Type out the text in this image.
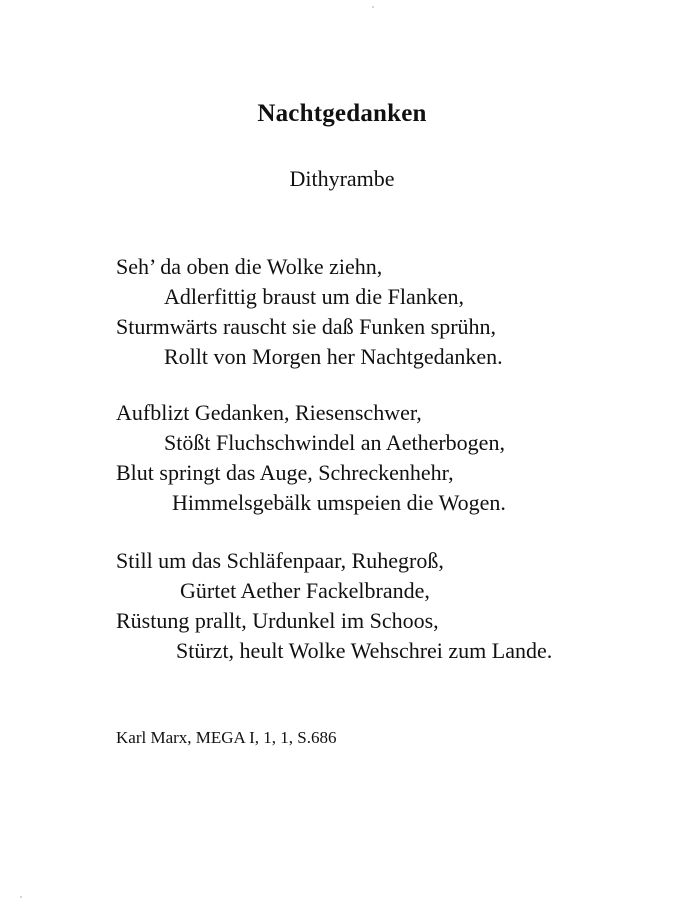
Nachtgedanken
Dithyrambe
Seh’ da oben die Wolke ziehn,
Adlerfittig braust um die Flanken,
Sturmwärts rauscht sie daß Funken sprühn,
Rollt von Morgen her Nachtgedanken.
Aufblizt Gedanken, Riesenschwer,
Stößt Fluchschwindel an Aetherbogen,
Blut springt das Auge, Schreckenhehr,
Himmelsgebälk umspeien die Wogen.
Still um das Schläfenpaar, Ruhegroß,
Gürtet Aether Fackelbrande,
Rüstung prallt, Urdunkel im Schoos,
Stürzt, heult Wolke Wehschrei zum Lande.
Karl Marx, MEGA I, 1, 1, S.686
